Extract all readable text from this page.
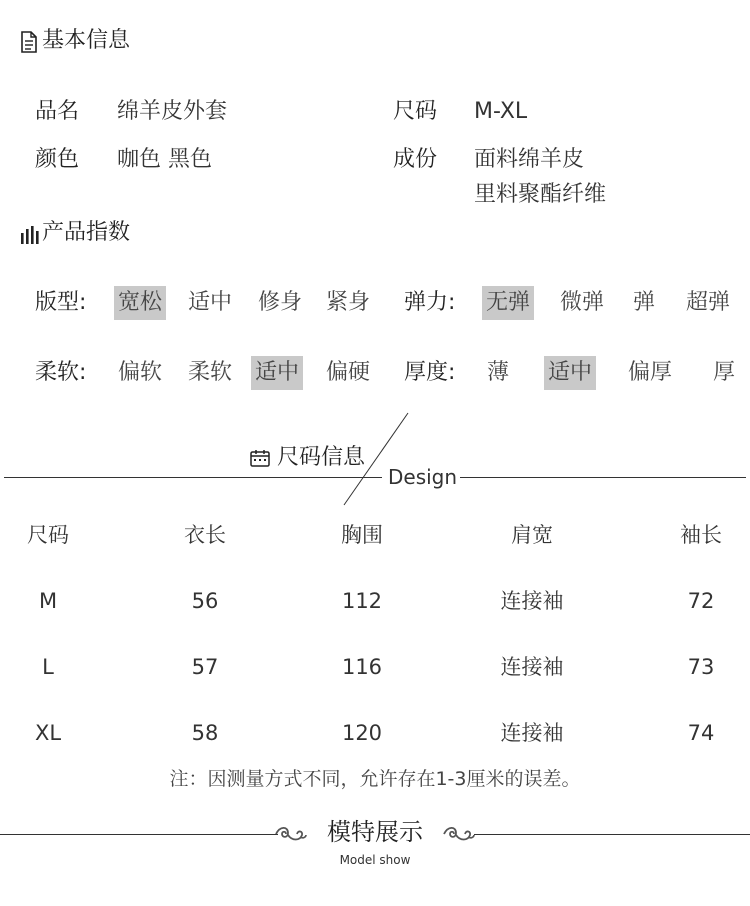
基本信息
品名 绵羊皮外套	尺码 M-XL
颜色 咖色 黑色	成份 面料绵羊皮
里料聚酯纤维
产品指数
版型: 宽松 适中 修身 紧身 弹力: 无弹 微弹	弹	超弹
柔软: 偏软 柔软 适中 偏硬 厚度:	薄	适中 偏厚	厚
尺码信息
Design
尺码	衣长	胸围	肩宽	袖长
M	56	112	连接袖	72
L	57	116	连接袖	73
XL	58	120	连接袖	74
注：因测量方式不同，允许存在1-3厘米的误差。
模特展示
Model show
